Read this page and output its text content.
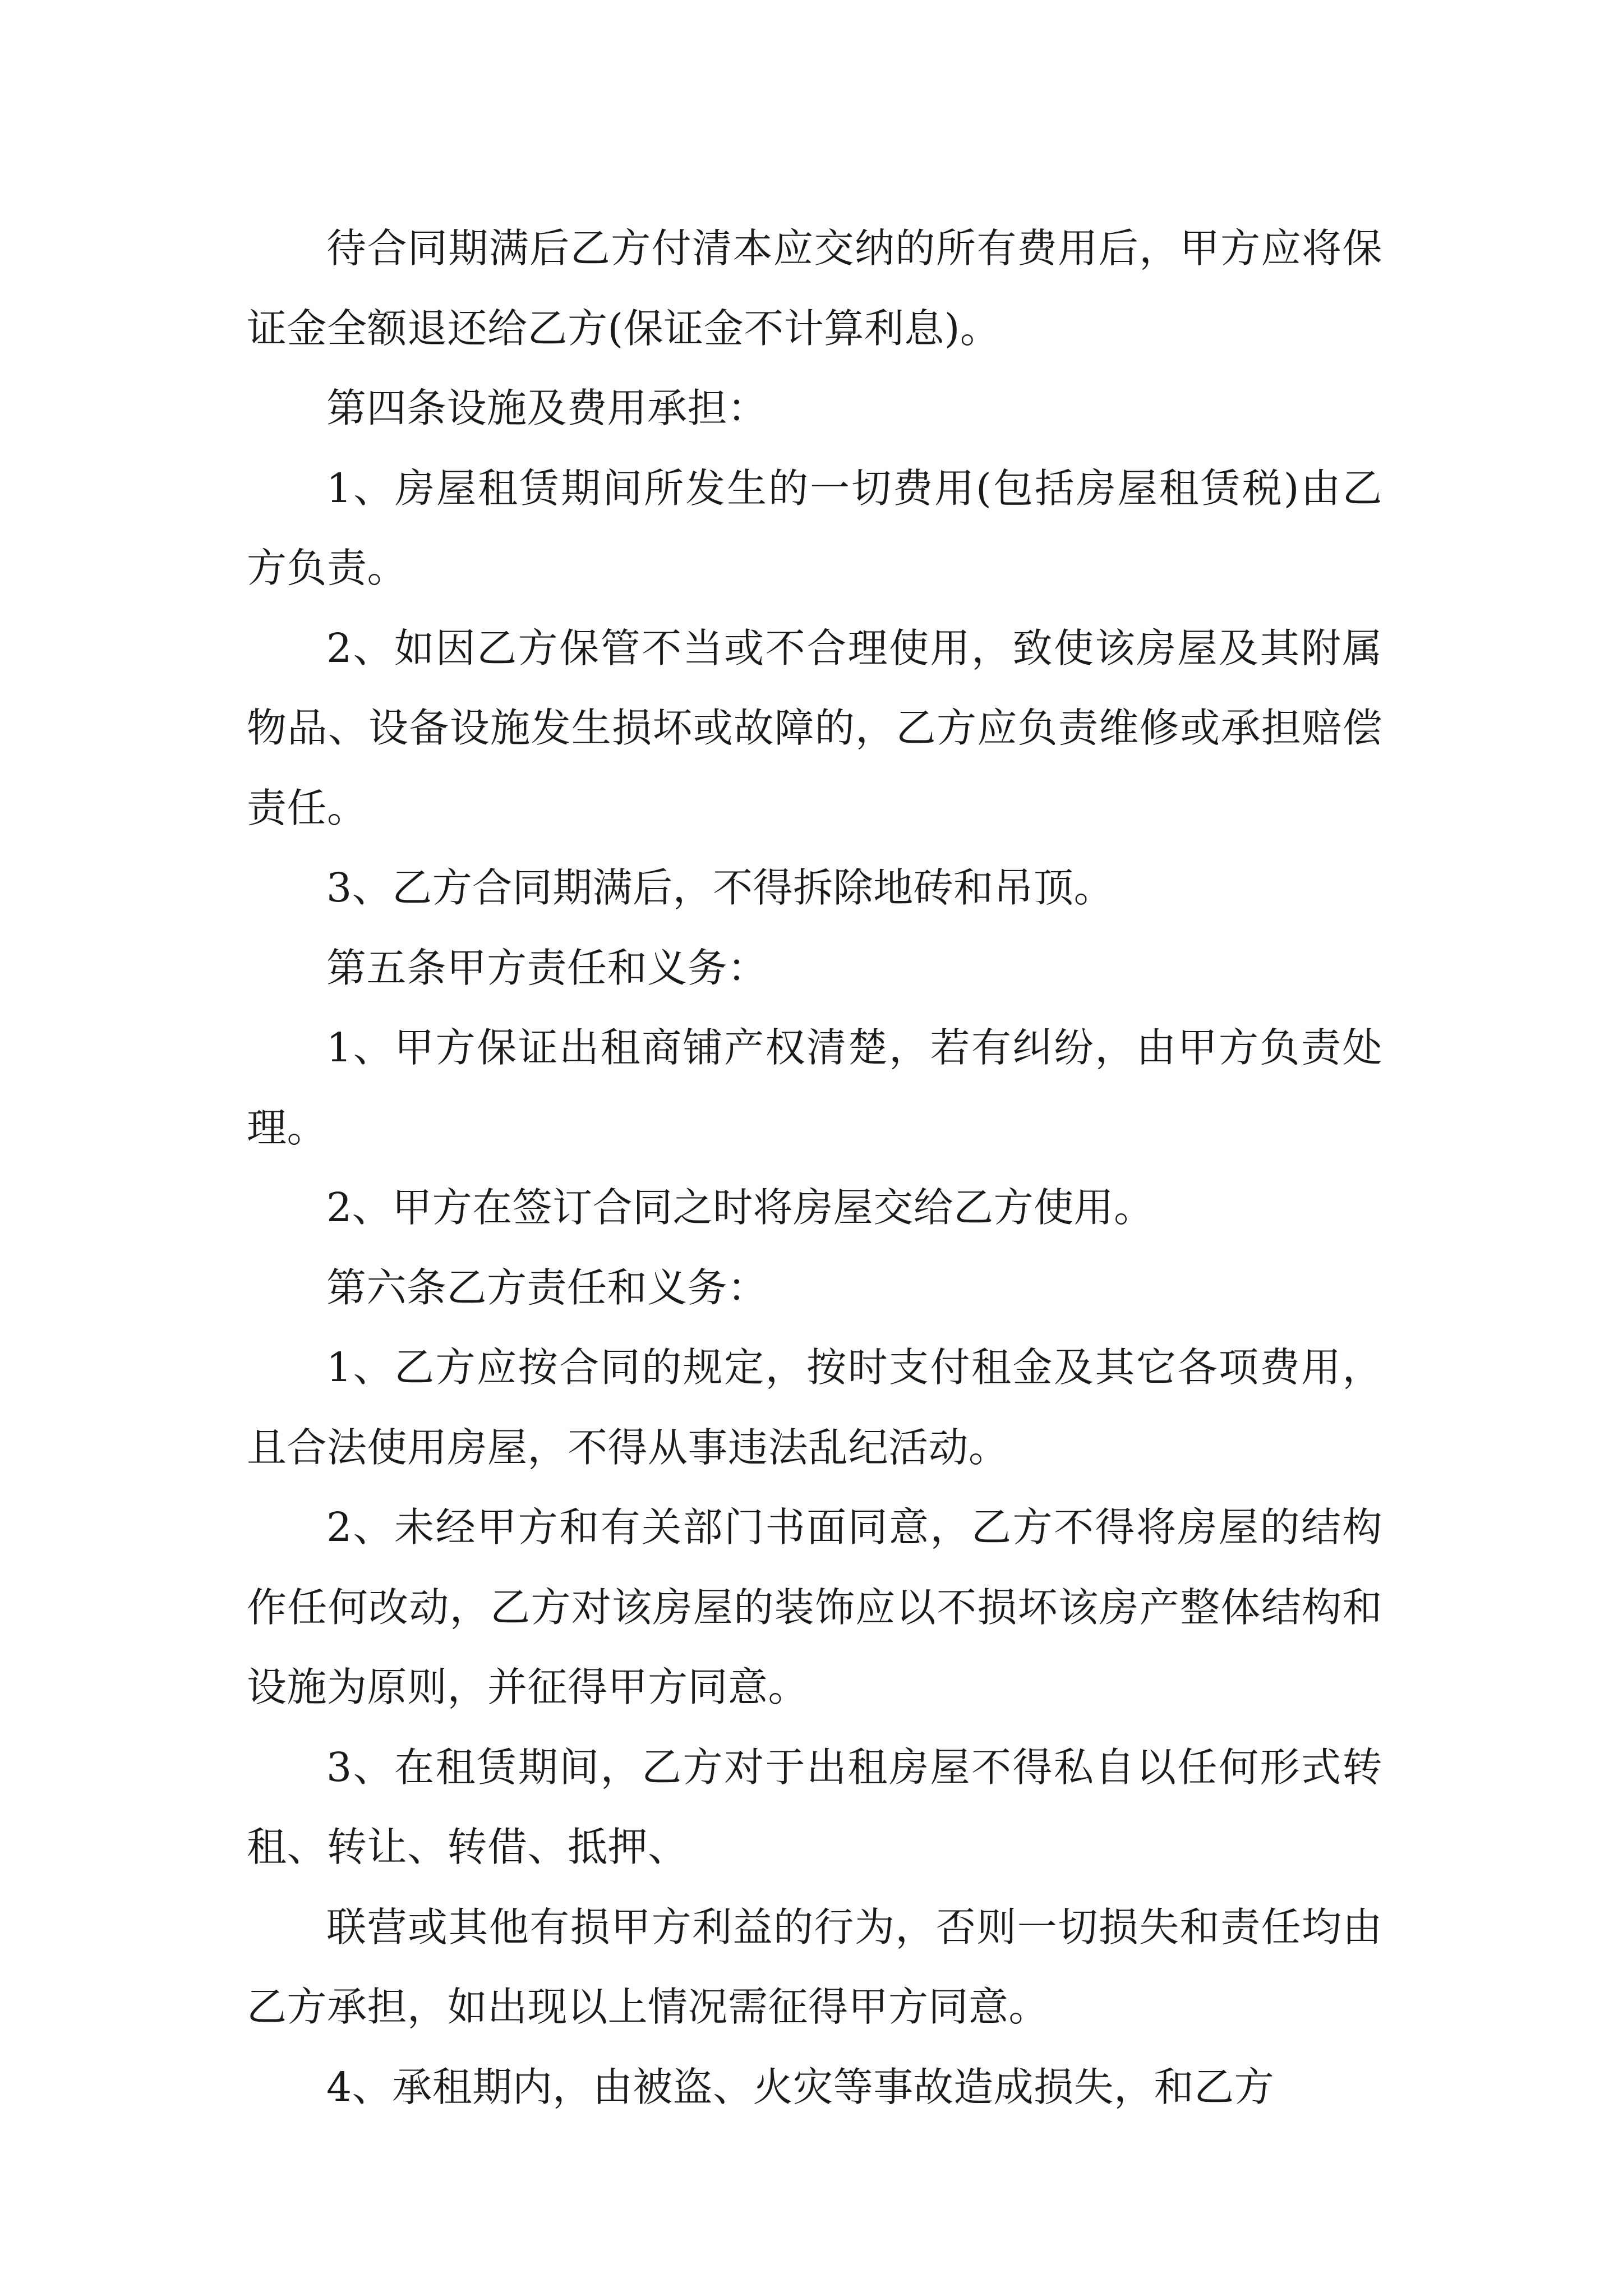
待合同期满后乙方付清本应交纳的所有费用后，甲方应将保证金全额退还给乙方(保证金不计算利息)。

第四条设施及费用承担：

1、房屋租赁期间所发生的一切费用(包括房屋租赁税)由乙方负责。

2、如因乙方保管不当或不合理使用，致使该房屋及其附属物品、设备设施发生损坏或故障的，乙方应负责维修或承担赔偿责任。

3、乙方合同期满后，不得拆除地砖和吊顶。

第五条甲方责任和义务：

1、甲方保证出租商铺产权清楚，若有纠纷，由甲方负责处理。

2、甲方在签订合同之时将房屋交给乙方使用。

第六条乙方责任和义务：

1、乙方应按合同的规定，按时支付租金及其它各项费用，且合法使用房屋，不得从事违法乱纪活动。

2、未经甲方和有关部门书面同意，乙方不得将房屋的结构作任何改动，乙方对该房屋的装饰应以不损坏该房产整体结构和设施为原则，并征得甲方同意。

3、在租赁期间，乙方对于出租房屋不得私自以任何形式转租、转让、转借、抵押、

联营或其他有损甲方利益的行为，否则一切损失和责任均由乙方承担，如出现以上情况需征得甲方同意。

4、承租期内，由被盗、火灾等事故造成损失，和乙方
